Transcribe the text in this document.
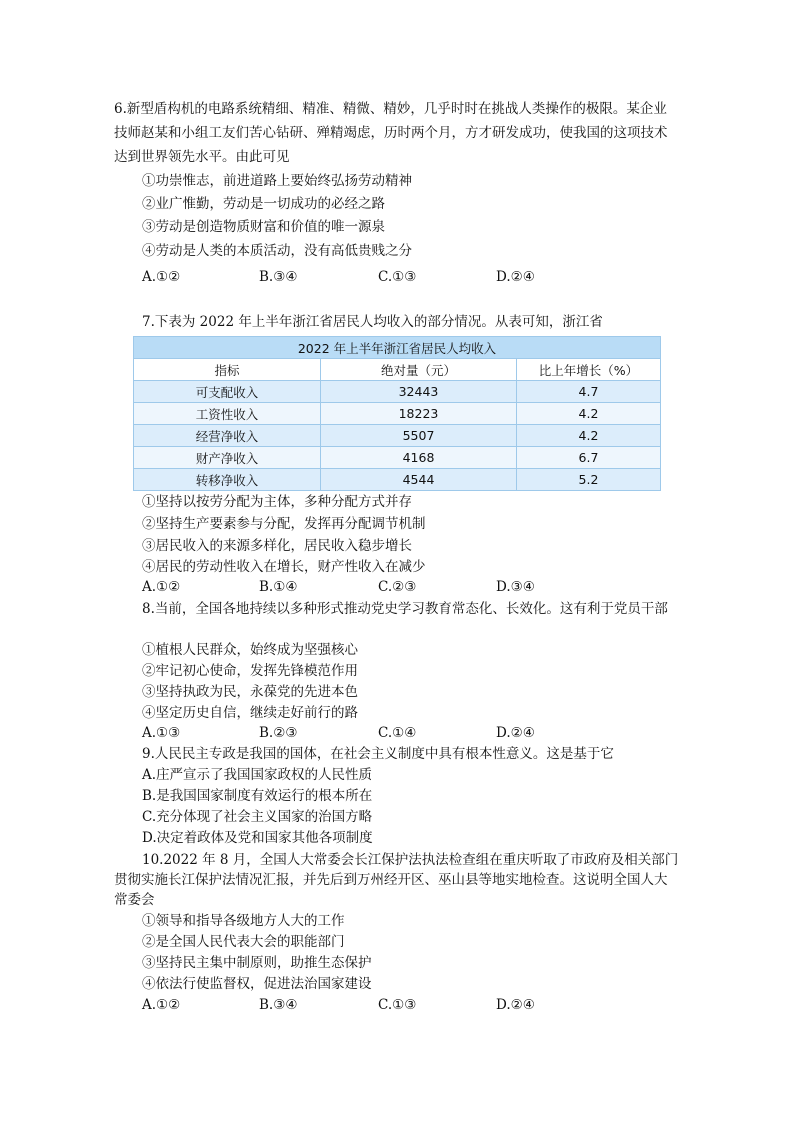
6.新型盾构机的电路系统精细、精准、精微、精妙，几乎时时在挑战人类操作的极限。某企业技师赵某和小组工友们苦心钻研、殚精竭虑，历时两个月，方才研发成功，使我国的这项技术达到世界领先水平。由此可见
①功崇惟志，前进道路上要始终弘扬劳动精神
②业广惟勤，劳动是一切成功的必经之路
③劳动是创造物质财富和价值的唯一源泉
④劳动是人类的本质活动，没有高低贵贱之分
A.①②	B.③④	C.①③	D.②④
7.下表为 2022 年上半年浙江省居民人均收入的部分情况。从表可知，浙江省
2022 年上半年浙江省居民人均收入		
指标	绝对量（元）	比上年增长（%）
可支配收入	32443	4.7
工资性收入	18223	4.2
经营净收入	5507	4.2
财产净收入	4168	6.7
转移净收入	4544	5.2
①坚持以按劳分配为主体，多种分配方式并存
②坚持生产要素参与分配，发挥再分配调节机制
③居民收入的来源多样化，居民收入稳步增长
④居民的劳动性收入在增长，财产性收入在减少
A.①②	B.①④	C.②③	D.③④
8.当前，全国各地持续以多种形式推动党史学习教育常态化、长效化。这有利于党员干部
①植根人民群众，始终成为坚强核心
②牢记初心使命，发挥先锋模范作用
③坚持执政为民，永葆党的先进本色
④坚定历史自信，继续走好前行的路
A.①③	B.②③	C.①④	D.②④
9.人民民主专政是我国的国体，在社会主义制度中具有根本性意义。这是基于它
A.庄严宣示了我国国家政权的人民性质
B.是我国国家制度有效运行的根本所在
C.充分体现了社会主义国家的治国方略
D.决定着政体及党和国家其他各项制度
10.2022 年 8 月，全国人大常委会长江保护法执法检查组在重庆听取了市政府及相关部门贯彻实施长江保护法情况汇报，并先后到万州经开区、巫山县等地实地检查。这说明全国人大常委会
①领导和指导各级地方人大的工作
②是全国人民代表大会的职能部门
③坚持民主集中制原则，助推生态保护
④依法行使监督权，促进法治国家建设
A.①②	B.③④	C.①③	D.②④
